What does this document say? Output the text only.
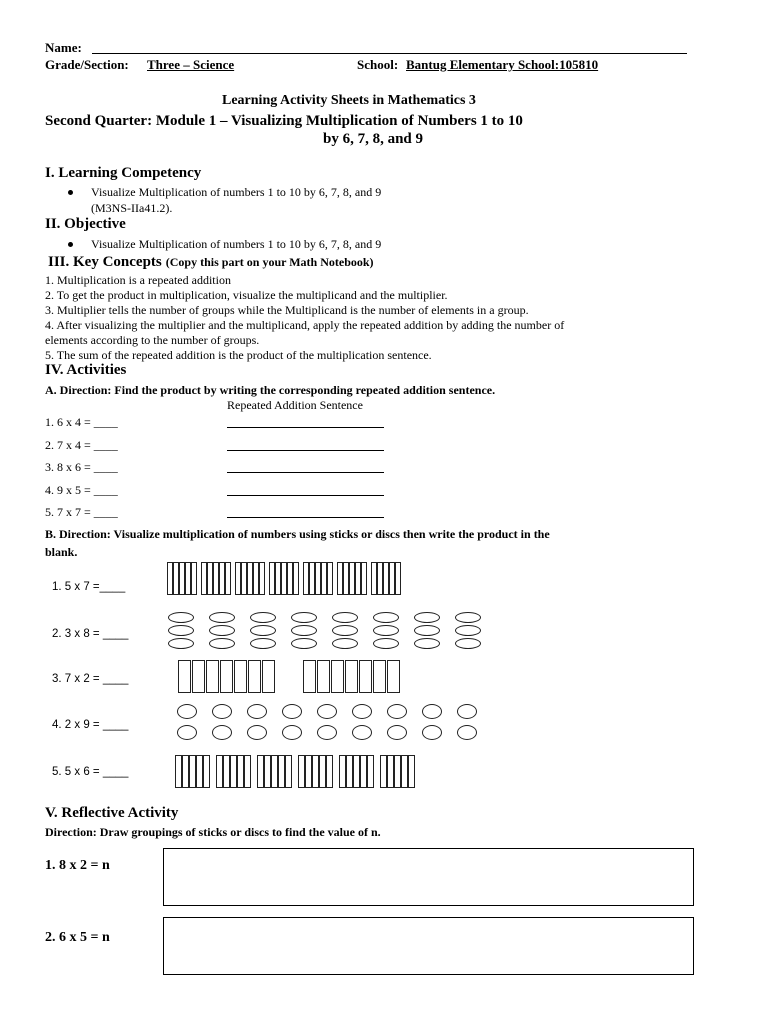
Name:
Grade/Section: Three – Science	School: Bantug Elementary School:105810
Learning Activity Sheets in Mathematics 3
Second Quarter: Module 1 – Visualizing Multiplication of Numbers 1 to 10
by 6, 7, 8, and 9
I. Learning Competency
Visualize Multiplication of numbers 1 to 10 by 6, 7, 8, and 9
(M3NS-IIa41.2).
II. Objective
Visualize Multiplication of numbers 1 to 10 by 6, 7, 8, and 9
III. Key Concepts (Copy this part on your Math Notebook)
1. Multiplication is a repeated addition
2. To get the product in multiplication, visualize the multiplicand and the multiplier.
3. Multiplier tells the number of groups while the Multiplicand is the number of elements in a group.
4. After visualizing the multiplier and the multiplicand, apply the repeated addition by adding the number of
elements according to the number of groups.
5. The sum of the repeated addition is the product of the multiplication sentence.
IV. Activities
A. Direction: Find the product by writing the corresponding repeated addition sentence.
Repeated Addition Sentence
1. 6 x 4 = ____
2. 7 x 4 = ____
3. 8 x 6 = ____
4. 9 x 5 = ____
5. 7 x 7 = ____
B. Direction: Visualize multiplication of numbers using sticks or discs then write the product in the
blank.
1. 5 x 7 =____
2. 3 x 8 = ____
3. 7 x 2 = ____
4. 2 x 9 = ____
5. 5 x 6 = ____
V. Reflective Activity
Direction: Draw groupings of sticks or discs to find the value of n.
1. 8 x 2 = n
2. 6 x 5 = n
